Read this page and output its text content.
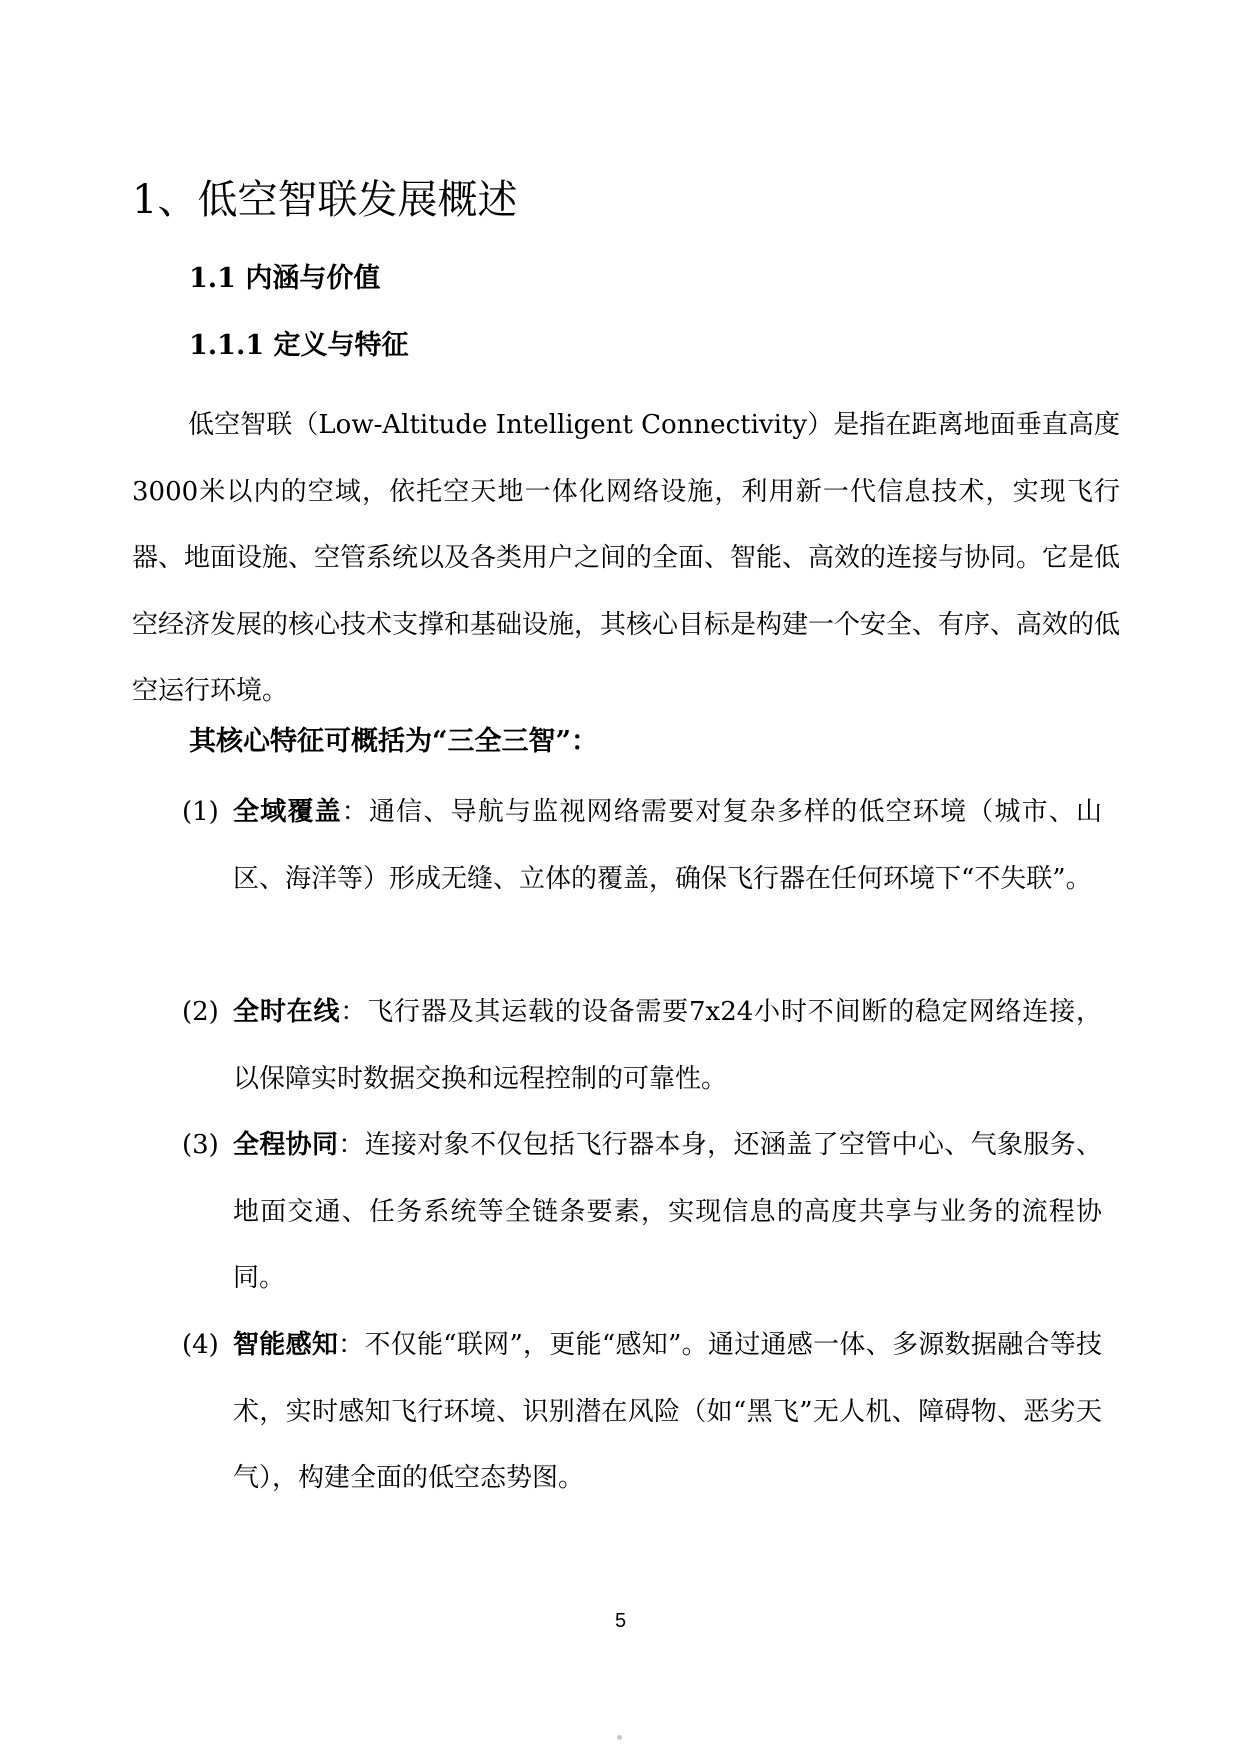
1、低空智联发展概述
1.1 内涵与价值
1.1.1 定义与特征

低空智联（Low-Altitude Intelligent Connectivity）是指在距离地面垂直高度3000米以内的空域，依托空天地一体化网络设施，利用新一代信息技术，实现飞行器、地面设施、空管系统以及各类用户之间的全面、智能、高效的连接与协同。它是低空经济发展的核心技术支撑和基础设施，其核心目标是构建一个安全、有序、高效的低空运行环境。

其核心特征可概括为“三全三智”：

(1) 全域覆盖：通信、导航与监视网络需要对复杂多样的低空环境（城市、山区、海洋等）形成无缝、立体的覆盖，确保飞行器在任何环境下“不失联”。
(2) 全时在线：飞行器及其运载的设备需要7x24小时不间断的稳定网络连接，以保障实时数据交换和远程控制的可靠性。
(3) 全程协同：连接对象不仅包括飞行器本身，还涵盖了空管中心、气象服务、地面交通、任务系统等全链条要素，实现信息的高度共享与业务的流程协同。
(4) 智能感知：不仅能“联网”，更能“感知”。通过通感一体、多源数据融合等技术，实时感知飞行环境、识别潜在风险（如“黑飞”无人机、障碍物、恶劣天气），构建全面的低空态势图。
5
